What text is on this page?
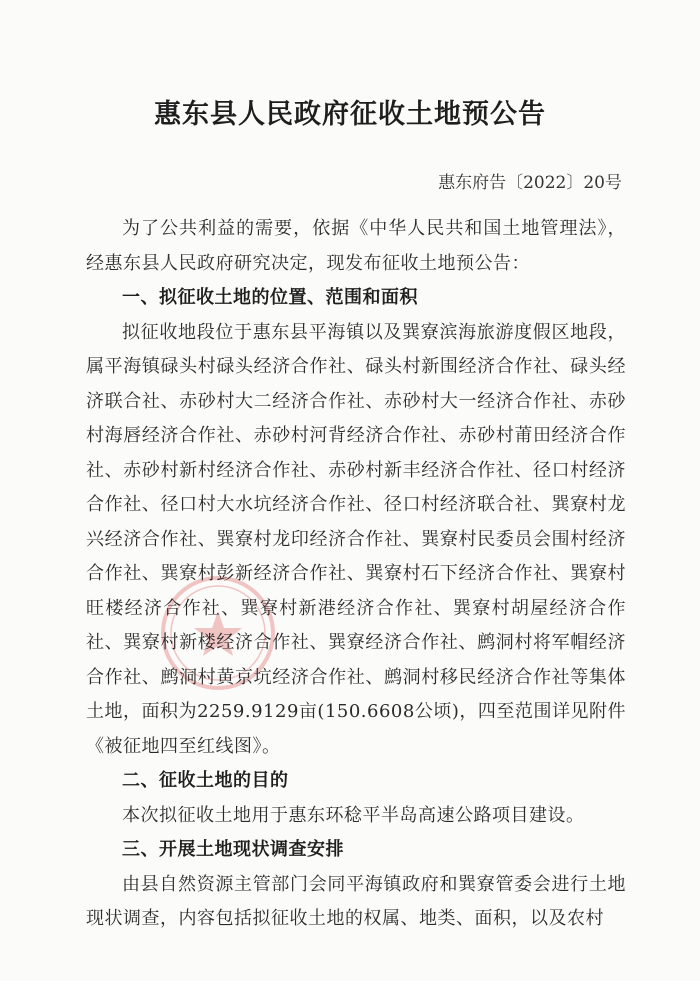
惠东县人民政府征收土地预公告
惠东府告〔2022〕20号

为了公共利益的需要，依据《中华人民共和国土地管理法》，经惠东县人民政府研究决定，现发布征收土地预公告：

一、拟征收土地的位置、范围和面积

拟征收地段位于惠东县平海镇以及巽寮滨海旅游度假区地段，属平海镇碌头村碌头经济合作社、碌头村新围经济合作社、碌头经济联合社、赤砂村大二经济合作社、赤砂村大一经济合作社、赤砂村海唇经济合作社、赤砂村河背经济合作社、赤砂村莆田经济合作社、赤砂村新村经济合作社、赤砂村新丰经济合作社、径口村经济合作社、径口村大水坑经济合作社、径口村经济联合社、巽寮村龙兴经济合作社、巽寮村龙印经济合作社、巽寮村民委员会围村经济合作社、巽寮村彭新经济合作社、巽寮村石下经济合作社、巽寮村旺楼经济合作社、巽寮村新港经济合作社、巽寮村胡屋经济合作社、巽寮村新楼经济合作社、巽寮经济合作社、鹧洞村将军帽经济合作社、鹧洞村黄京坑经济合作社、鹧洞村移民经济合作社等集体土地，面积为2259.9129亩(150.6608公顷)，四至范围详见附件《被征地四至红线图》。

二、征收土地的目的

本次拟征收土地用于惠东环稔平半岛高速公路项目建设。

三、开展土地现状调查安排

由县自然资源主管部门会同平海镇政府和巽寮管委会进行土地现状调查，内容包括拟征收土地的权属、地类、面积，以及农村
